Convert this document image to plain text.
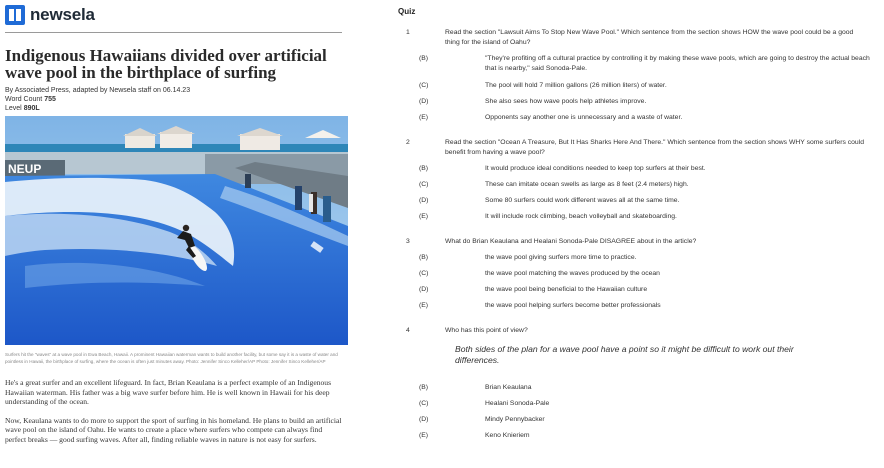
newsela
Indigenous Hawaiians divided over artificial wave pool in the birthplace of surfing
By Associated Press, adapted by Newsela staff on 06.14.23
Word Count 755
Level 890L
NEUP

Surfers hit the "waves" at a wave pool in Ewa Beach, Hawaii. A prominent Hawaiian waterman wants to build another facility, but some say it is a waste of water and pointless in Hawaii, the birthplace of surfing, where the ocean is often just minutes away. Photo: Jennifer Sinco Kelleher/AP Photo: Jennifer Sinco Kelleher/AP

He's a great surfer and an excellent lifeguard. In fact, Brian Keaulana is a perfect example of an Indigenous Hawaiian waterman. His father was a big wave surfer before him. He is well known in Hawaii for his deep understanding of the ocean.

Now, Keaulana wants to do more to support the sport of surfing in his homeland. He plans to build an artificial wave pool on the island of Oahu. He wants to create a place where surfers who compete can always find perfect breaks — good surfing waves. After all, finding reliable waves in nature is not easy for surfers.

Quiz
1	Read the section "Lawsuit Aims To Stop New Wave Pool." Which sentence from the section shows HOW the wave pool could be a good thing for the island of Oahu?
(B)	"They're profiting off a cultural practice by controlling it by making these wave pools, which are going to destroy the actual beach that is nearby," said Sonoda-Pale.
(C)	The pool will hold 7 million gallons (26 million liters) of water.
(D)	She also sees how wave pools help athletes improve.
(E)	Opponents say another one is unnecessary and a waste of water.
2	Read the section "Ocean A Treasure, But It Has Sharks Here And There." Which sentence from the section shows WHY some surfers could benefit from having a wave pool?
(B)	It would produce ideal conditions needed to keep top surfers at their best.
(C)	These can imitate ocean swells as large as 8 feet (2.4 meters) high.
(D)	Some 80 surfers could work different waves all at the same time.
(E)	It will include rock climbing, beach volleyball and skateboarding.
3	What do Brian Keaulana and Healani Sonoda-Pale DISAGREE about in the article?
(B)	the wave pool giving surfers more time to practice.
(C)	the wave pool matching the waves produced by the ocean
(D)	the wave pool being beneficial to the Hawaiian culture
(E)	the wave pool helping surfers become better professionals
4	Who has this point of view?

Both sides of the plan for a wave pool have a point so it might be difficult to work out their differences.

(B)	Brian Keaulana
(C)	Healani Sonoda-Pale
(D)	Mindy Pennybacker
(E)	Keno Knieriem
